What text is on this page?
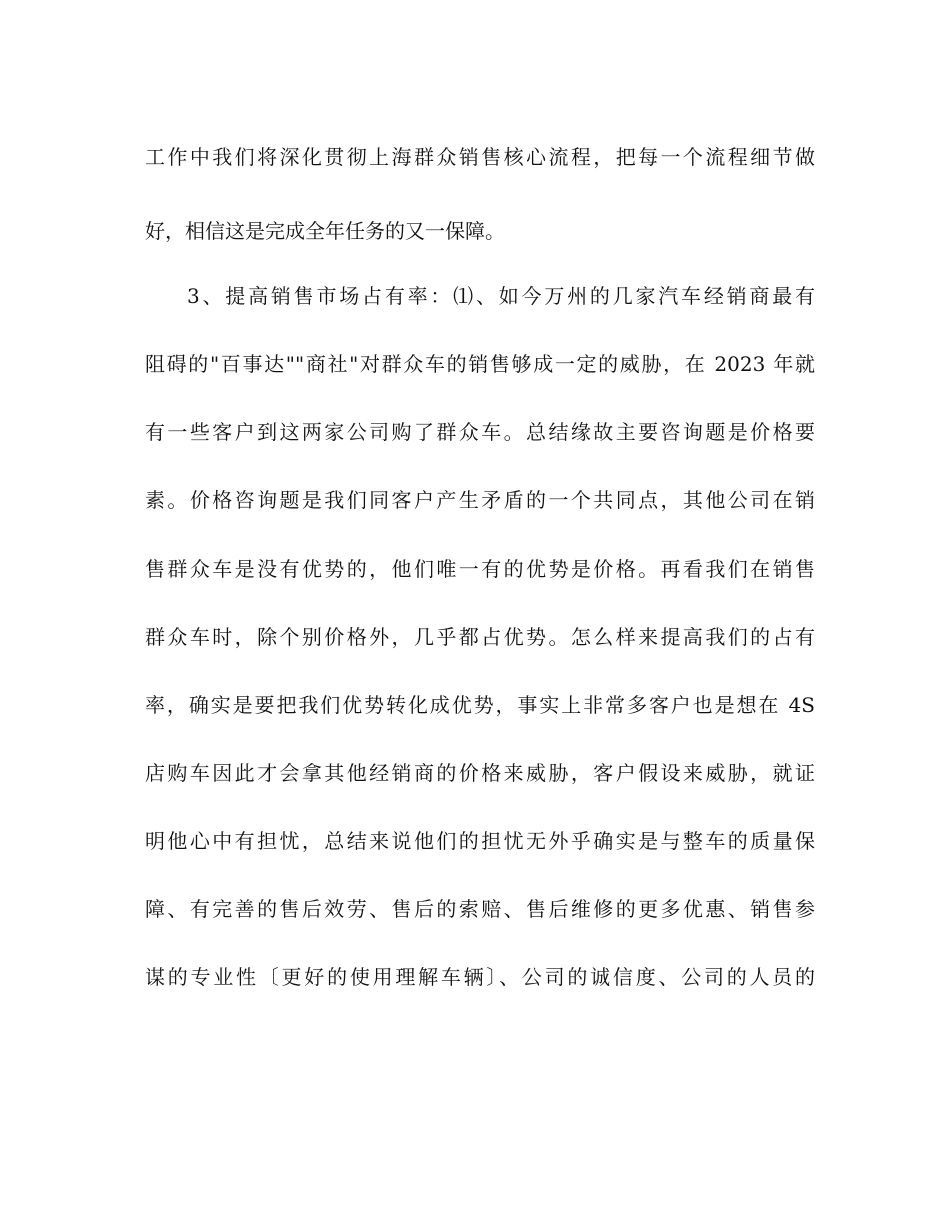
工作中我们将深化贯彻上海群众销售核心流程，把每一个流程细节做

好，相信这是完成全年任务的又一保障。

3、提高销售市场占有率：⑴、如今万州的几家汽车经销商最有

阻碍的"百事达""商社"对群众车的销售够成一定的威胁，在 2023 年就

有一些客户到这两家公司购了群众车。总结缘故主要咨询题是价格要

素。价格咨询题是我们同客户产生矛盾的一个共同点，其他公司在销

售群众车是没有优势的，他们唯一有的优势是价格。再看我们在销售

群众车时，除个别价格外，几乎都占优势。怎么样来提高我们的占有

率，确实是要把我们优势转化成优势，事实上非常多客户也是想在 4S

店购车因此才会拿其他经销商的价格来威胁，客户假设来威胁，就证

明他心中有担忧，总结来说他们的担忧无外乎确实是与整车的质量保

障、有完善的售后效劳、售后的索赔、售后维修的更多优惠、销售参

谋的专业性〔更好的使用理解车辆〕、公司的诚信度、公司的人员的
